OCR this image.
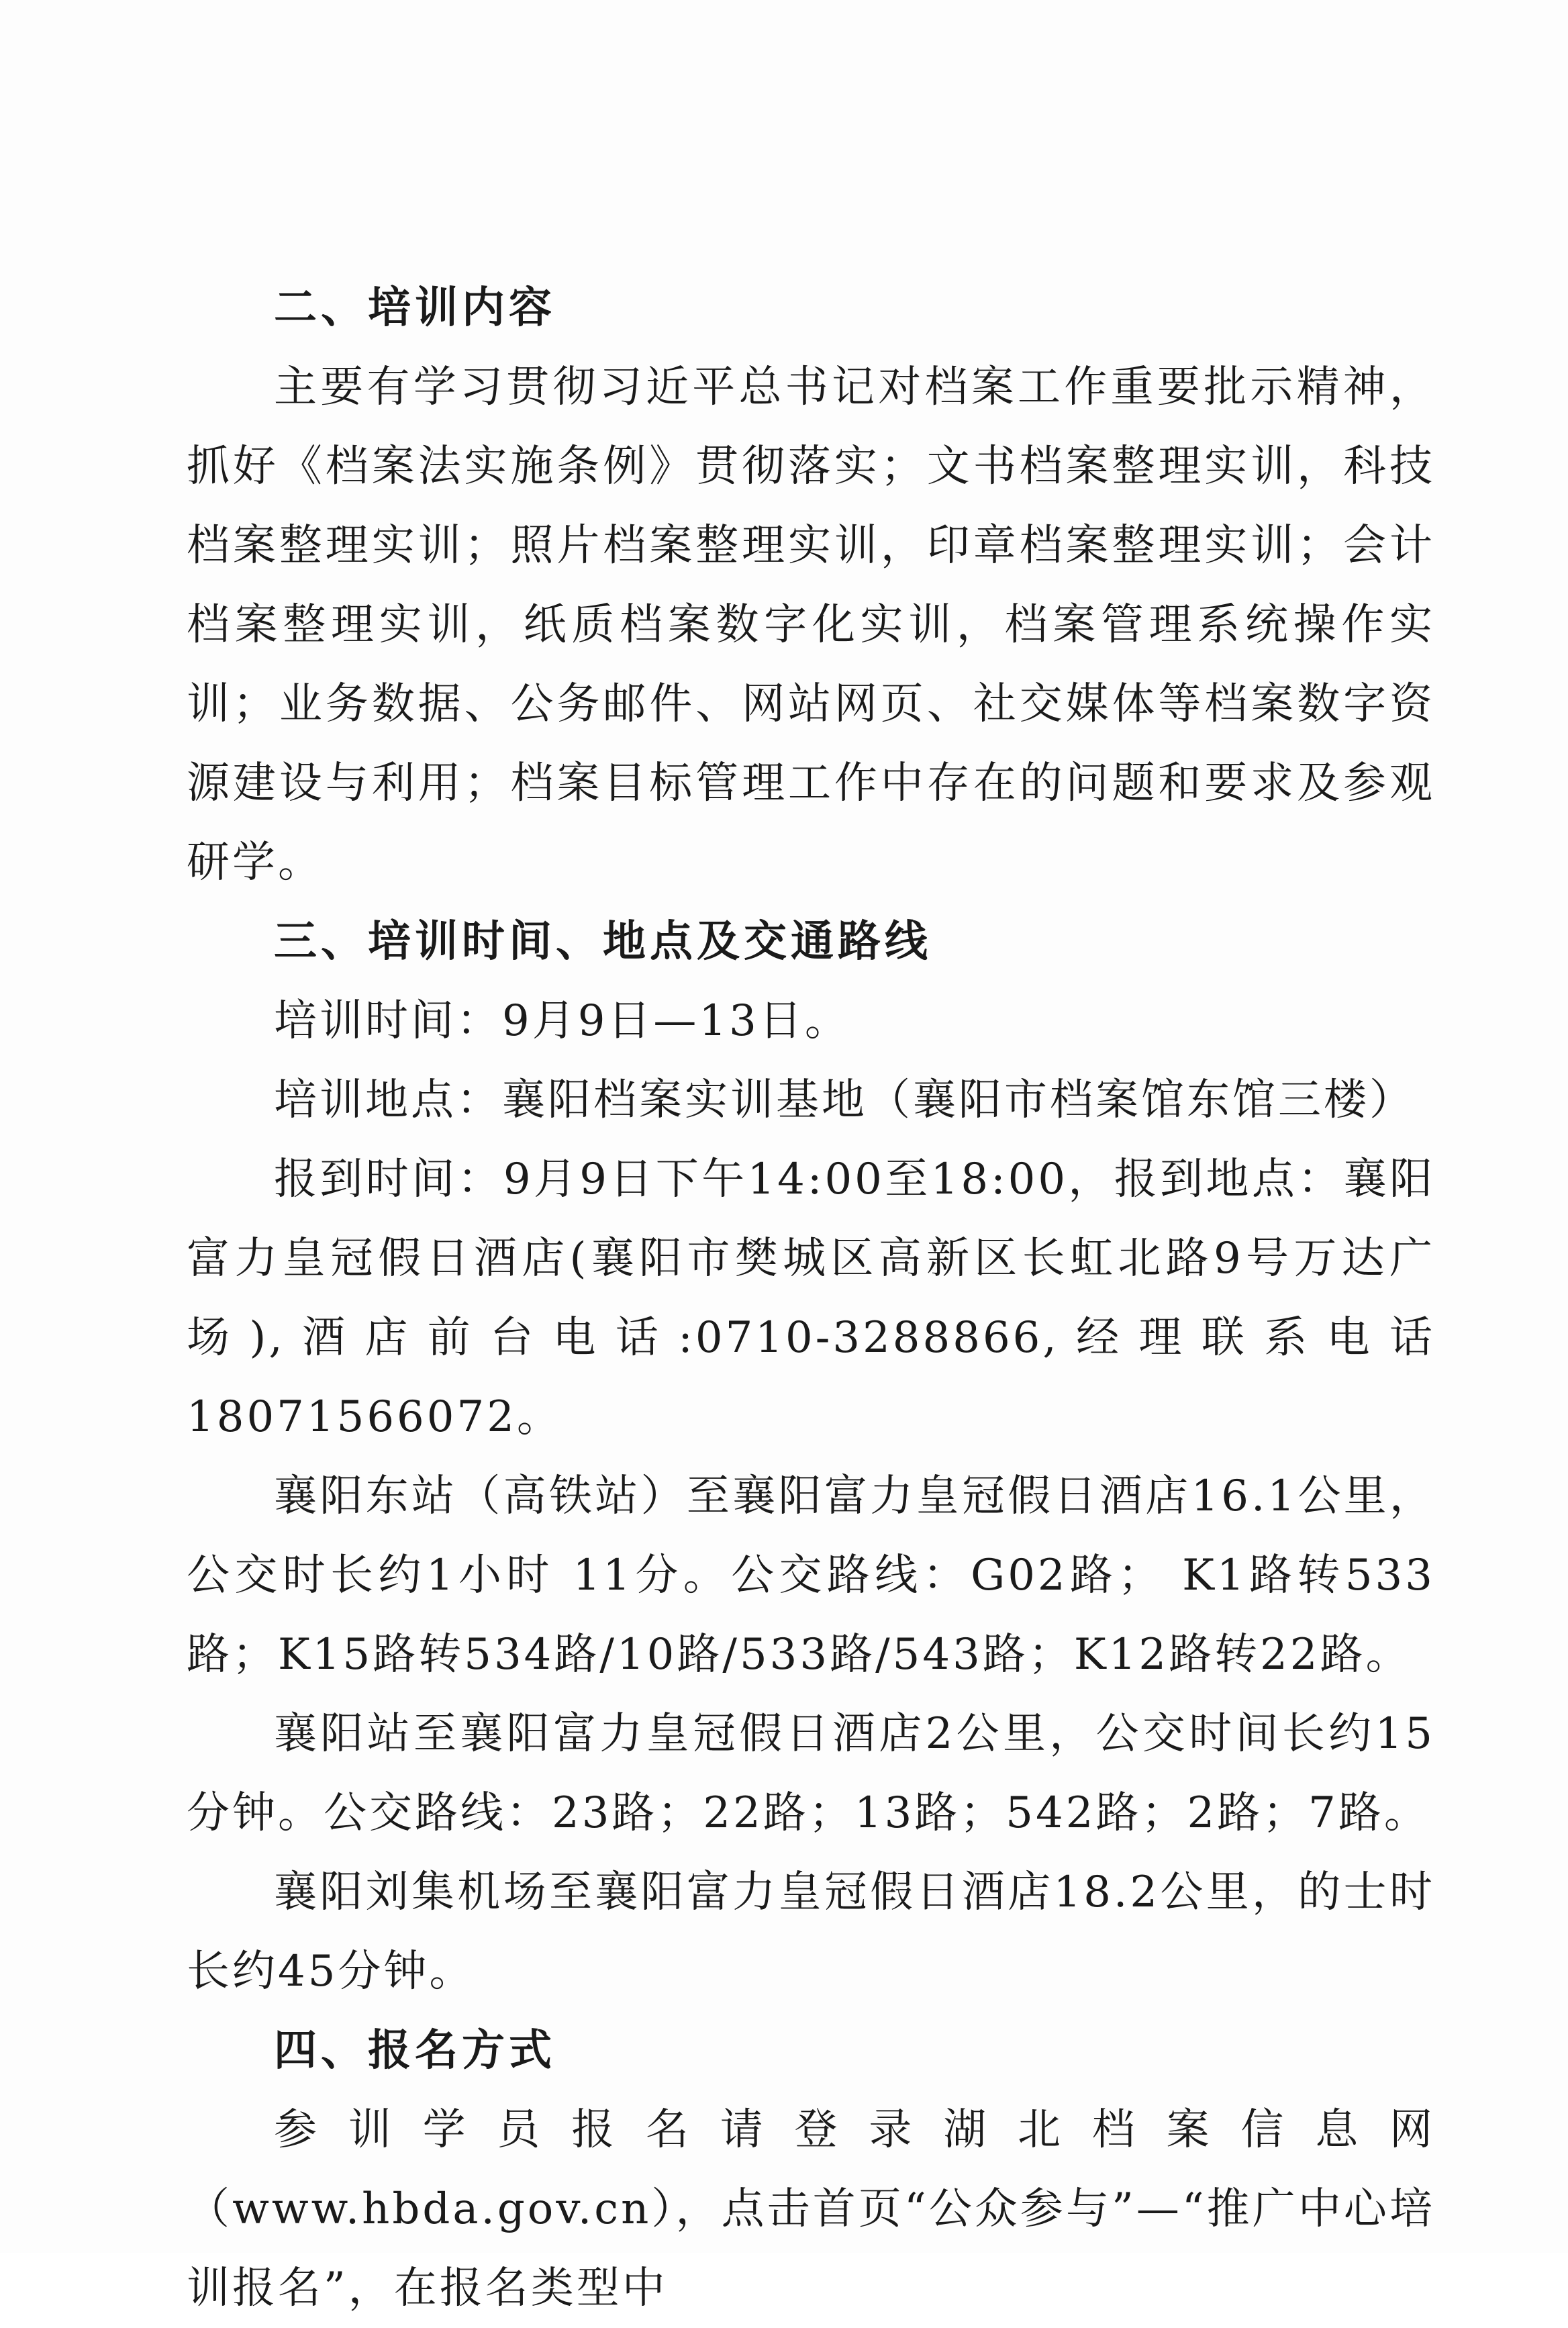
二、培训内容

主要有学习贯彻习近平总书记对档案工作重要批示精神，抓好《档案法实施条例》贯彻落实；文书档案整理实训，科技档案整理实训；照片档案整理实训，印章档案整理实训；会计档案整理实训，纸质档案数字化实训，档案管理系统操作实训；业务数据、公务邮件、网站网页、社交媒体等档案数字资源建设与利用；档案目标管理工作中存在的问题和要求及参观研学。

三、培训时间、地点及交通路线

培训时间：9月9日—13日。

培训地点：襄阳档案实训基地（襄阳市档案馆东馆三楼）

报到时间：9月9日下午14:00至18:00，报到地点：襄阳富力皇冠假日酒店(襄阳市樊城区高新区长虹北路9号万达广场),酒店前台电话:0710-3288866,经理联系电话 18071566072。

襄阳东站（高铁站）至襄阳富力皇冠假日酒店16.1公里，公交时长约1小时 11分。公交路线：G02路； K1路转533路；K15路转534路/10路/533路/543路；K12路转22路。

襄阳站至襄阳富力皇冠假日酒店2公里，公交时间长约15分钟。公交路线：23路；22路；13路；542路；2路；7路。

襄阳刘集机场至襄阳富力皇冠假日酒店18.2公里，的士时长约45分钟。

四、报名方式

参训学员报名请登录湖北档案信息网（www.hbda.gov.cn），点击首页“公众参与”—“推广中心培训报名”，在报名类型中
